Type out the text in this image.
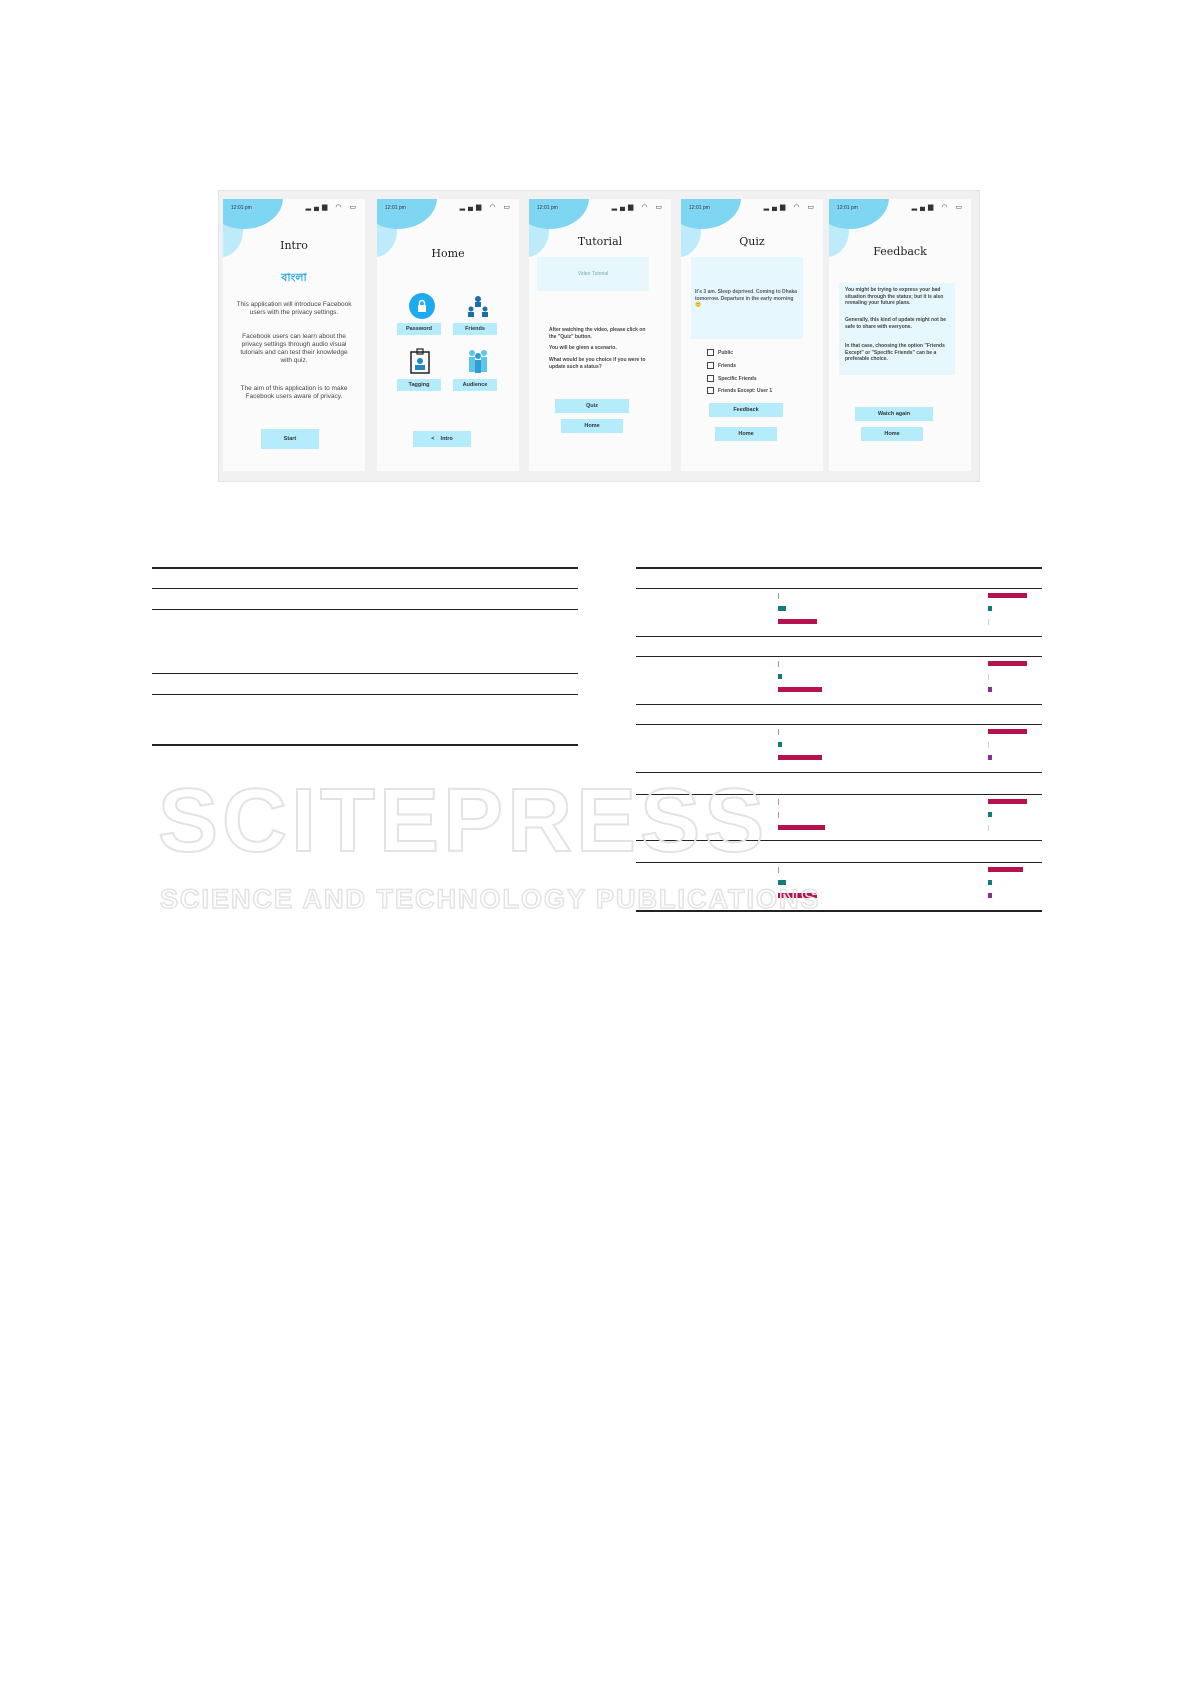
12:01 pm	▂▄▆ ◠ ▭
Intro
বাংলা
This application will introduce Facebook users with the privacy settings.
Facebook users can learn about the privacy settings through audio visual tutorials and can test their knowledge with quiz.
The aim of this application is to make Facebook users aware of privacy.
Start
12:01 pm	▂▄▆ ◠ ▭
Home
Password	Friends
Tagging	Audience
<    Intro
12:01 pm	▂▄▆ ◠ ▭
Tutorial
Video Tutorial
After watching the video, please click on the "Quiz" button.
You will be given a scenario.
What would be you choice if you were to update such a status?
Quiz
Home
12:01 pm	▂▄▆ ◠ ▭
Quiz
It's 3 am. Sleep deprived. Coming to Dhaka tomorrow. Departure in the early morning 🙂
Public
Friends
Specific Friends
Friends Except: User 1
Feedback
Home
12:01 pm	▂▄▆ ◠ ▭
Feedback
You might be trying to express your bad situation through the status; but it is also revealing your future plans.
Generally, this kind of update might not be safe to share with everyone.
In that case, choosing the option "Friends Except" or "Specific Friends" can be a preferable choice.
Watch again
Home
SCITEPRESS
SCIENCE AND TECHNOLOGY PUBLICATIONS
